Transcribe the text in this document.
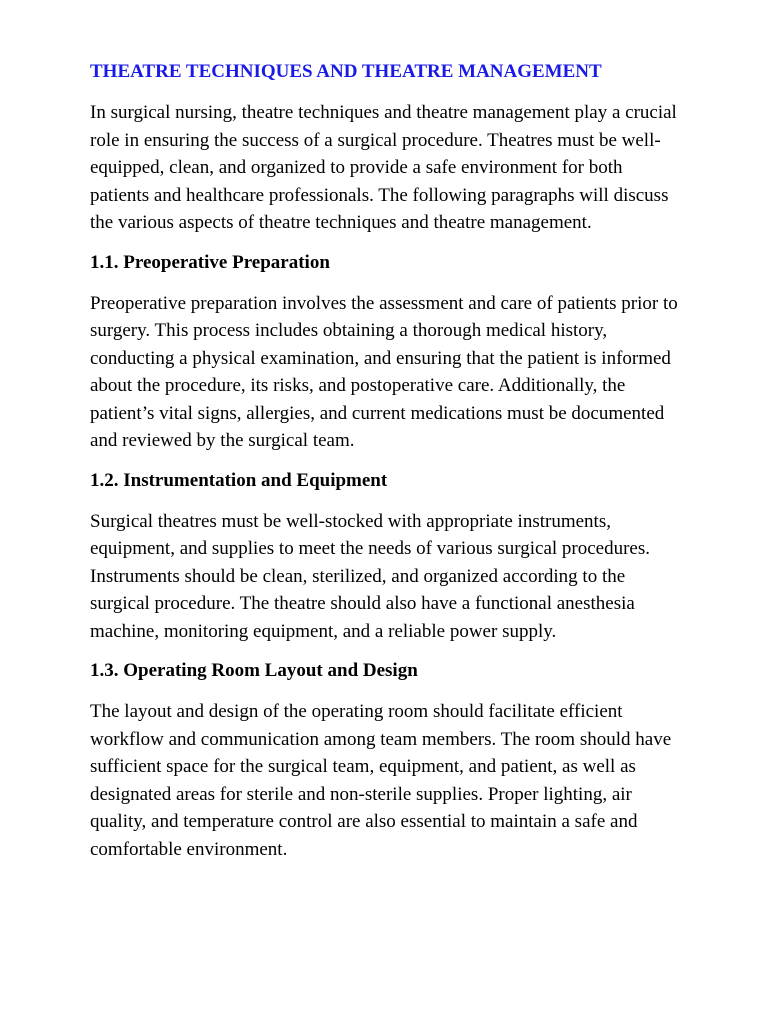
THEATRE TECHNIQUES AND THEATRE MANAGEMENT

In surgical nursing, theatre techniques and theatre management play a crucial role in ensuring the success of a surgical procedure. Theatres must be well-equipped, clean, and organized to provide a safe environment for both patients and healthcare professionals. The following paragraphs will discuss the various aspects of theatre techniques and theatre management.

1.1. Preoperative Preparation

Preoperative preparation involves the assessment and care of patients prior to surgery. This process includes obtaining a thorough medical history, conducting a physical examination, and ensuring that the patient is informed about the procedure, its risks, and postoperative care. Additionally, the patient’s vital signs, allergies, and current medications must be documented and reviewed by the surgical team.

1.2. Instrumentation and Equipment

Surgical theatres must be well-stocked with appropriate instruments, equipment, and supplies to meet the needs of various surgical procedures. Instruments should be clean, sterilized, and organized according to the surgical procedure. The theatre should also have a functional anesthesia machine, monitoring equipment, and a reliable power supply.

1.3. Operating Room Layout and Design

The layout and design of the operating room should facilitate efficient workflow and communication among team members. The room should have sufficient space for the surgical team, equipment, and patient, as well as designated areas for sterile and non-sterile supplies. Proper lighting, air quality, and temperature control are also essential to maintain a safe and comfortable environment.
